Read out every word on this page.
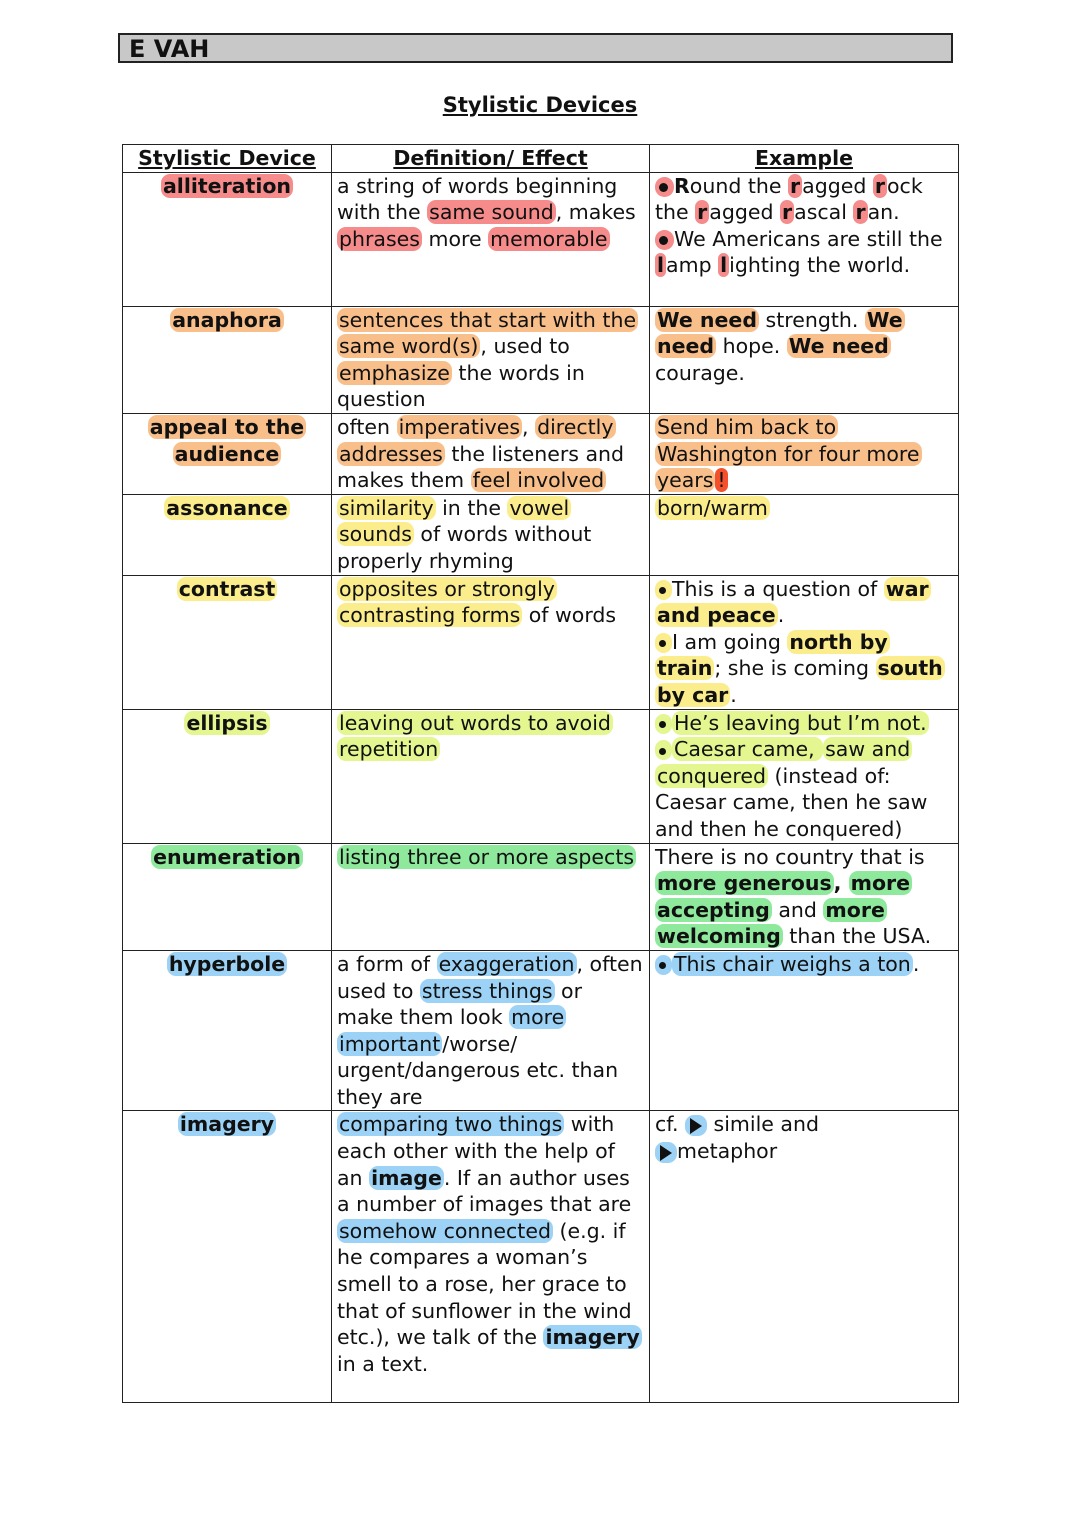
E VAH
Stylistic Devices
Stylistic Device	Definition/ Effect	Example
alliteration	a string of words beginning with the same sound, makes phrases more memorable	Round the ragged rock the ragged rascal ran.
We Americans are still the lamp lighting the world.
anaphora	sentences that start with the same word(s), used to emphasize the words in question	We need strength. We need hope. We need courage.
appeal to the audience	often imperatives, directly addresses the listeners and makes them feel involved	Send him back to Washington for four more years !
assonance	similarity in the vowel sounds of words without properly rhyming	born/warm
contrast	opposites or strongly contrasting forms of words	This is a question of war and peace.
I am going north by train; she is coming south by car.
ellipsis	leaving out words to avoid repetition	He’s leaving but I’m not.
Caesar came, saw and conquered (instead of: Caesar came, then he saw and then he conquered)
enumeration	listing three or more aspects	There is no country that is more generous, more accepting and more welcoming than the USA.
hyperbole	a form of exaggeration, often used to stress things or make them look more important/worse/ urgent/dangerous etc. than they are	This chair weighs a ton.
imagery	comparing two things with each other with the help of an image. If an author uses a number of images that are somehow connected (e.g. if he compares a woman’s smell to a rose, her grace to that of sunflower in the wind etc.), we talk of the imagery in a text.	cf.  simile and
metaphor
